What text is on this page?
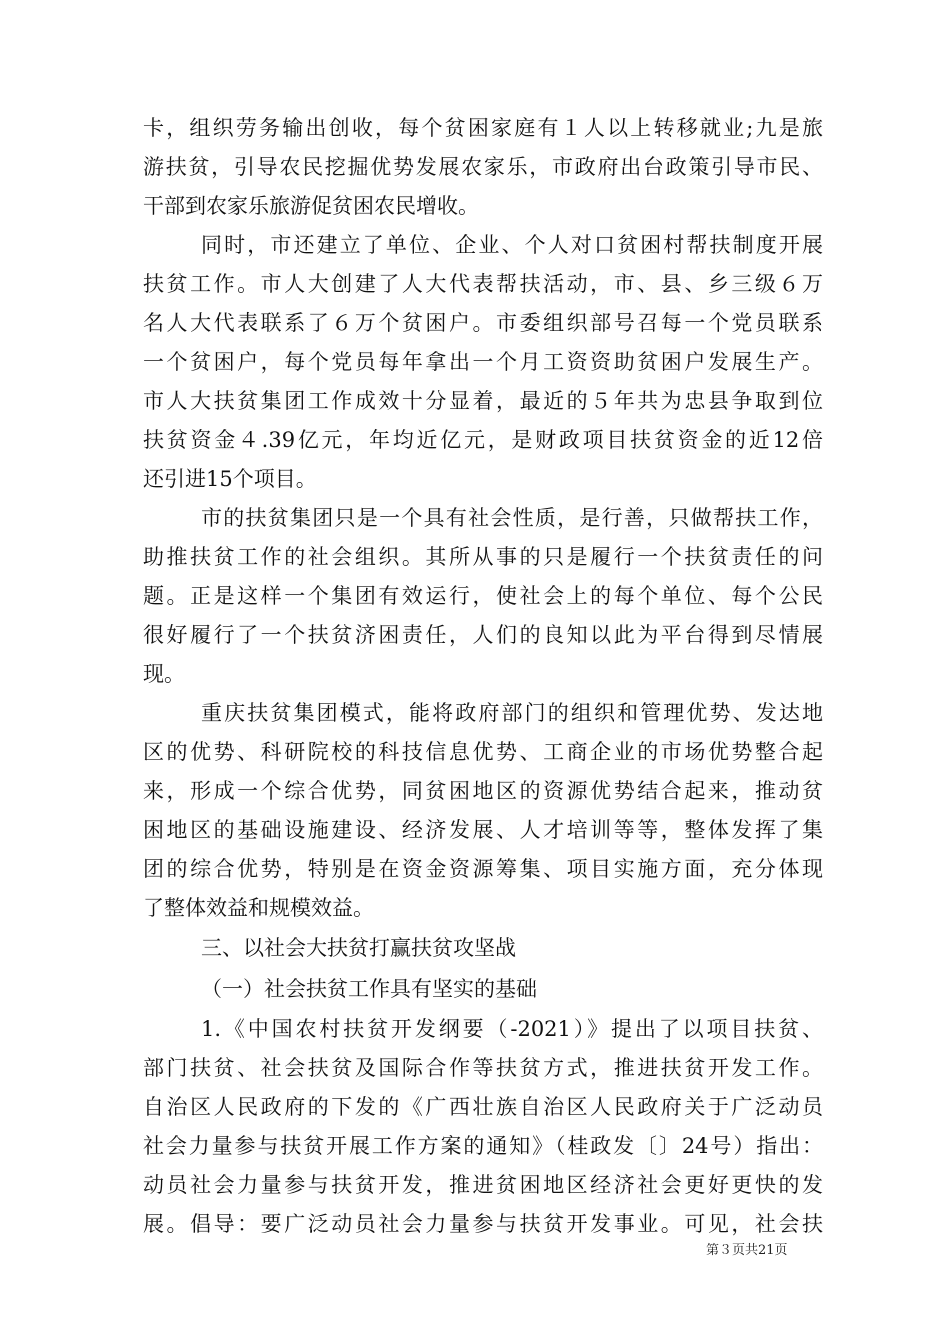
卡，组织劳务输出创收，每个贫困家庭有１人以上转移就业;九是旅
游扶贫，引导农民挖掘优势发展农家乐，市政府出台政策引导市民、
干部到农家乐旅游促贫困农民增收。
同时，市还建立了单位、企业、个人对口贫困村帮扶制度开展
扶贫工作。市人大创建了人大代表帮扶活动，市、县、乡三级６万
名人大代表联系了６万个贫困户。市委组织部号召每一个党员联系
一个贫困户，每个党员每年拿出一个月工资资助贫困户发展生产。
市人大扶贫集团工作成效十分显着，最近的５年共为忠县争取到位
扶贫资金４.39亿元，年均近亿元，是财政项目扶贫资金的近12倍
还引进15个项目。
市的扶贫集团只是一个具有社会性质，是行善，只做帮扶工作，
助推扶贫工作的社会组织。其所从事的只是履行一个扶贫责任的问
题。正是这样一个集团有效运行，使社会上的每个单位、每个公民
很好履行了一个扶贫济困责任，人们的良知以此为平台得到尽情展
现。
重庆扶贫集团模式，能将政府部门的组织和管理优势、发达地
区的优势、科研院校的科技信息优势、工商企业的市场优势整合起
来，形成一个综合优势，同贫困地区的资源优势结合起来，推动贫
困地区的基础设施建设、经济发展、人才培训等等，整体发挥了集
团的综合优势，特别是在资金资源筹集、项目实施方面，充分体现
了整体效益和规模效益。
三、以社会大扶贫打赢扶贫攻坚战
（一）社会扶贫工作具有坚实的基础
1.《中国农村扶贫开发纲要（-2021）》提出了以项目扶贫、
部门扶贫、社会扶贫及国际合作等扶贫方式，推进扶贫开发工作。
自治区人民政府的下发的《广西壮族自治区人民政府关于广泛动员
社会力量参与扶贫开展工作方案的通知》（桂政发〔〕24号）指出：
动员社会力量参与扶贫开发，推进贫困地区经济社会更好更快的发
展。倡导：要广泛动员社会力量参与扶贫开发事业。可见，社会扶
第３页共21页
